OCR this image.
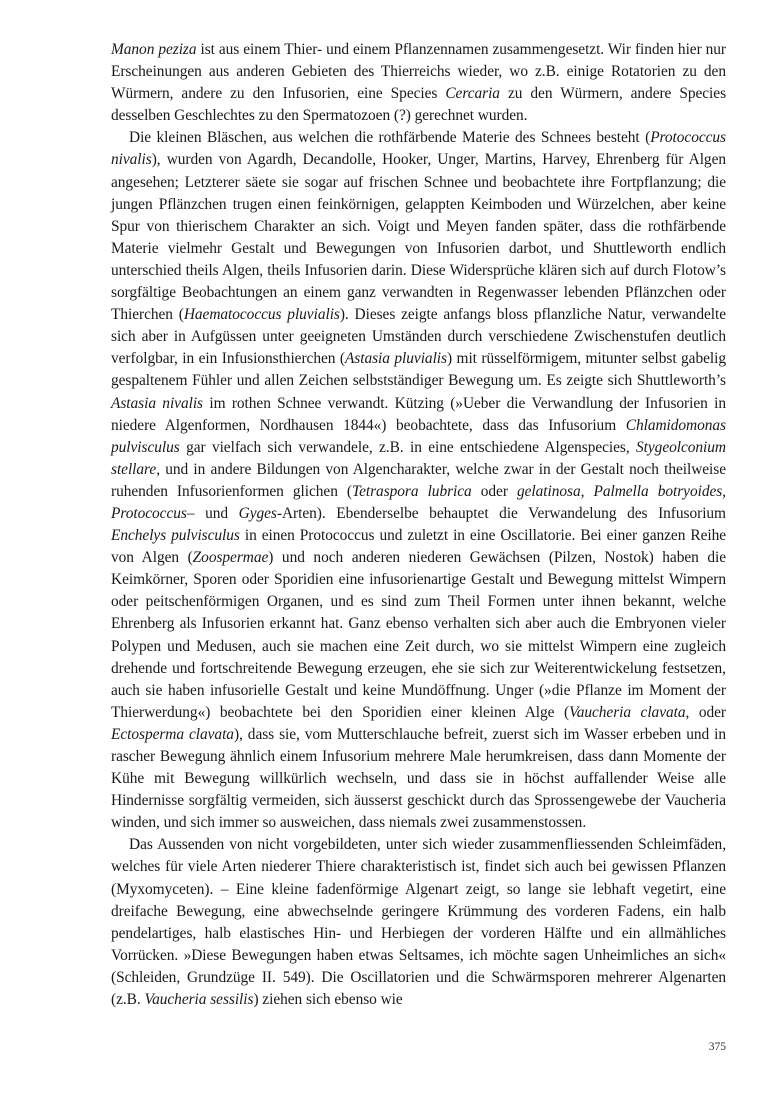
Manon peziza ist aus einem Thier- und einem Pflanzennamen zusammengesetzt. Wir finden hier nur Erscheinungen aus anderen Gebieten des Thierreichs wieder, wo z.B. einige Rotatorien zu den Würmern, andere zu den Infusorien, eine Species Cercaria zu den Würmern, andere Species desselben Geschlechtes zu den Spermatozoen (?) gerechnet wurden.

Die kleinen Bläschen, aus welchen die rothfärbende Materie des Schnees besteht (Protococcus nivalis), wurden von Agardh, Decandolle, Hooker, Unger, Martins, Harvey, Ehrenberg für Algen angesehen; Letzterer säete sie sogar auf frischen Schnee und beobachtete ihre Fortpflanzung; die jungen Pflänzchen trugen einen feinkörnigen, gelappten Keimboden und Würzelchen, aber keine Spur von thierischem Charakter an sich. Voigt und Meyen fanden später, dass die rothfärbende Materie vielmehr Gestalt und Bewegungen von Infusorien darbot, und Shuttleworth endlich unterschied theils Algen, theils Infusorien darin. Diese Widersprüche klären sich auf durch Flotow’s sorgfältige Beobachtungen an einem ganz verwandten in Regenwasser lebenden Pflänzchen oder Thierchen (Haematococcus pluvialis). Dieses zeigte anfangs bloss pflanzliche Natur, verwandelte sich aber in Aufgüssen unter geeigneten Umständen durch verschiedene Zwischenstufen deutlich verfolgbar, in ein Infusionsthierchen (Astasia pluvialis) mit rüsselförmigem, mitunter selbst gabelig gespaltenem Fühler und allen Zeichen selbstständiger Bewegung um. Es zeigte sich Shuttleworth’s Astasia nivalis im rothen Schnee verwandt. Kützing (»Ueber die Verwandlung der Infusorien in niedere Algenformen, Nordhausen 1844«) beobachtete, dass das Infusorium Chlamidomonas pulvisculus gar vielfach sich verwandele, z.B. in eine entschiedene Algenspecies, Stygeolconium stellare, und in andere Bildungen von Algencharakter, welche zwar in der Gestalt noch theilweise ruhenden Infusorienformen glichen (Tetraspora lubrica oder gelatinosa, Palmella botryoides, Protococcus– und Gyges-Arten). Ebenderselbe behauptet die Verwandelung des Infusorium Enchelys pulvisculus in einen Protococcus und zuletzt in eine Oscillatorie. Bei einer ganzen Reihe von Algen (Zoospermae) und noch anderen niederen Gewächsen (Pilzen, Nostok) haben die Keimkörner, Sporen oder Sporidien eine infusorienartige Gestalt und Bewegung mittelst Wimpern oder peitschenförmigen Organen, und es sind zum Theil Formen unter ihnen bekannt, welche Ehrenberg als Infusorien erkannt hat. Ganz ebenso verhalten sich aber auch die Embryonen vieler Polypen und Medusen, auch sie machen eine Zeit durch, wo sie mittelst Wimpern eine zugleich drehende und fortschreitende Bewegung erzeugen, ehe sie sich zur Weiterentwickelung festsetzen, auch sie haben infusorielle Gestalt und keine Mundöffnung. Unger (»die Pflanze im Moment der Thierwerdung«) beobachtete bei den Sporidien einer kleinen Alge (Vaucheria clavata, oder Ectosperma clavata), dass sie, vom Mutterschlauche befreit, zuerst sich im Wasser erbeben und in rascher Bewegung ähnlich einem Infusorium mehrere Male herumkreisen, dass dann Momente der Kühe mit Bewegung willkürlich wechseln, und dass sie in höchst auffallender Weise alle Hindernisse sorgfältig vermeiden, sich äusserst geschickt durch das Sprossengewebe der Vaucheria winden, und sich immer so ausweichen, dass niemals zwei zusammenstossen.

Das Aussenden von nicht vorgebildeten, unter sich wieder zusammenfliessenden Schleimfäden, welches für viele Arten niederer Thiere charakteristisch ist, findet sich auch bei gewissen Pflanzen (Myxomyceten). – Eine kleine fadenförmige Algenart zeigt, so lange sie lebhaft vegetirt, eine dreifache Bewegung, eine abwechselnde geringere Krümmung des vorderen Fadens, ein halb pendelartiges, halb elastisches Hin- und Herbiegen der vorderen Hälfte und ein allmähliches Vorrücken. »Diese Bewegungen haben etwas Seltsames, ich möchte sagen Unheimliches an sich« (Schleiden, Grundzüge II. 549). Die Oscillatorien und die Schwärmsporen mehrerer Algenarten (z.B. Vaucheria sessilis) ziehen sich ebenso wie

375
